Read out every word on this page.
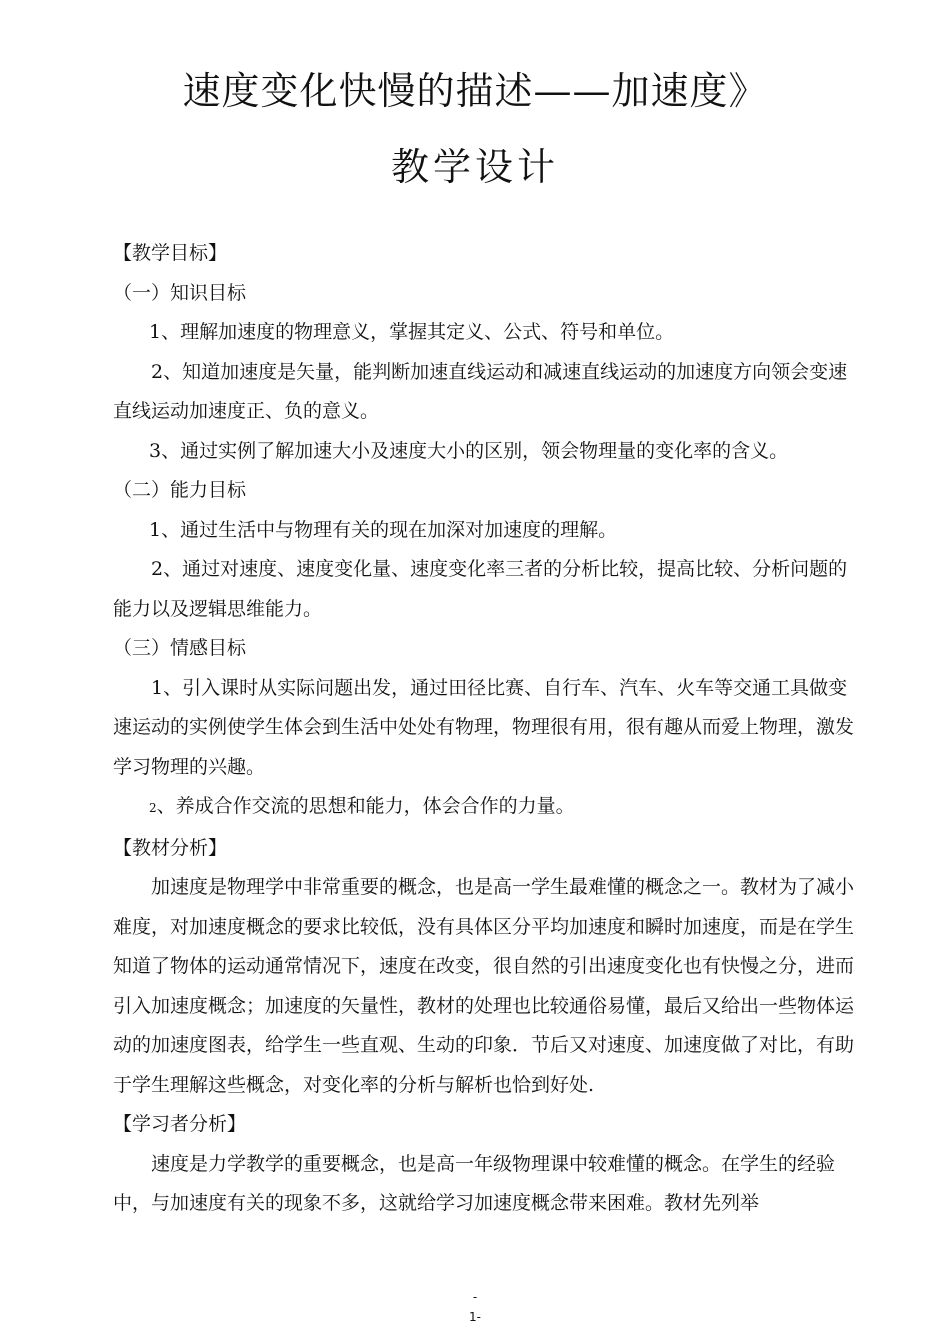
速度变化快慢的描述——加速度》
教学设计

【教学目标】

（一）知识目标

1、理解加速度的物理意义，掌握其定义、公式、符号和单位。

2、知道加速度是矢量，能判断加速直线运动和减速直线运动的加速度方向领会变速直线运动加速度正、负的意义。

3、通过实例了解加速大小及速度大小的区别，领会物理量的变化率的含义。

（二）能力目标

1、通过生活中与物理有关的现在加深对加速度的理解。

2、通过对速度、速度变化量、速度变化率三者的分析比较，提高比较、分析问题的能力以及逻辑思维能力。

（三）情感目标

1、引入课时从实际问题出发，通过田径比赛、自行车、汽车、火车等交通工具做变速运动的实例使学生体会到生活中处处有物理，物理很有用，很有趣从而爱上物理，激发学习物理的兴趣。

2、养成合作交流的思想和能力，体会合作的力量。

【教材分析】

加速度是物理学中非常重要的概念，也是高一学生最难懂的概念之一。教材为了减小难度，对加速度概念的要求比较低，没有具体区分平均加速度和瞬时加速度，而是在学生知道了物体的运动通常情况下，速度在改变，很自然的引出速度变化也有快慢之分，进而引入加速度概念；加速度的矢量性，教材的处理也比较通俗易懂，最后又给出一些物体运动的加速度图表，给学生一些直观、生动的印象．节后又对速度、加速度做了对比，有助于学生理解这些概念，对变化率的分析与解析也恰到好处.

【学习者分析】

速度是力学教学的重要概念，也是高一年级物理课中较难懂的概念。在学生的经验中，与加速度有关的现象不多，这就给学习加速度概念带来困难。教材先列举

-
1-
